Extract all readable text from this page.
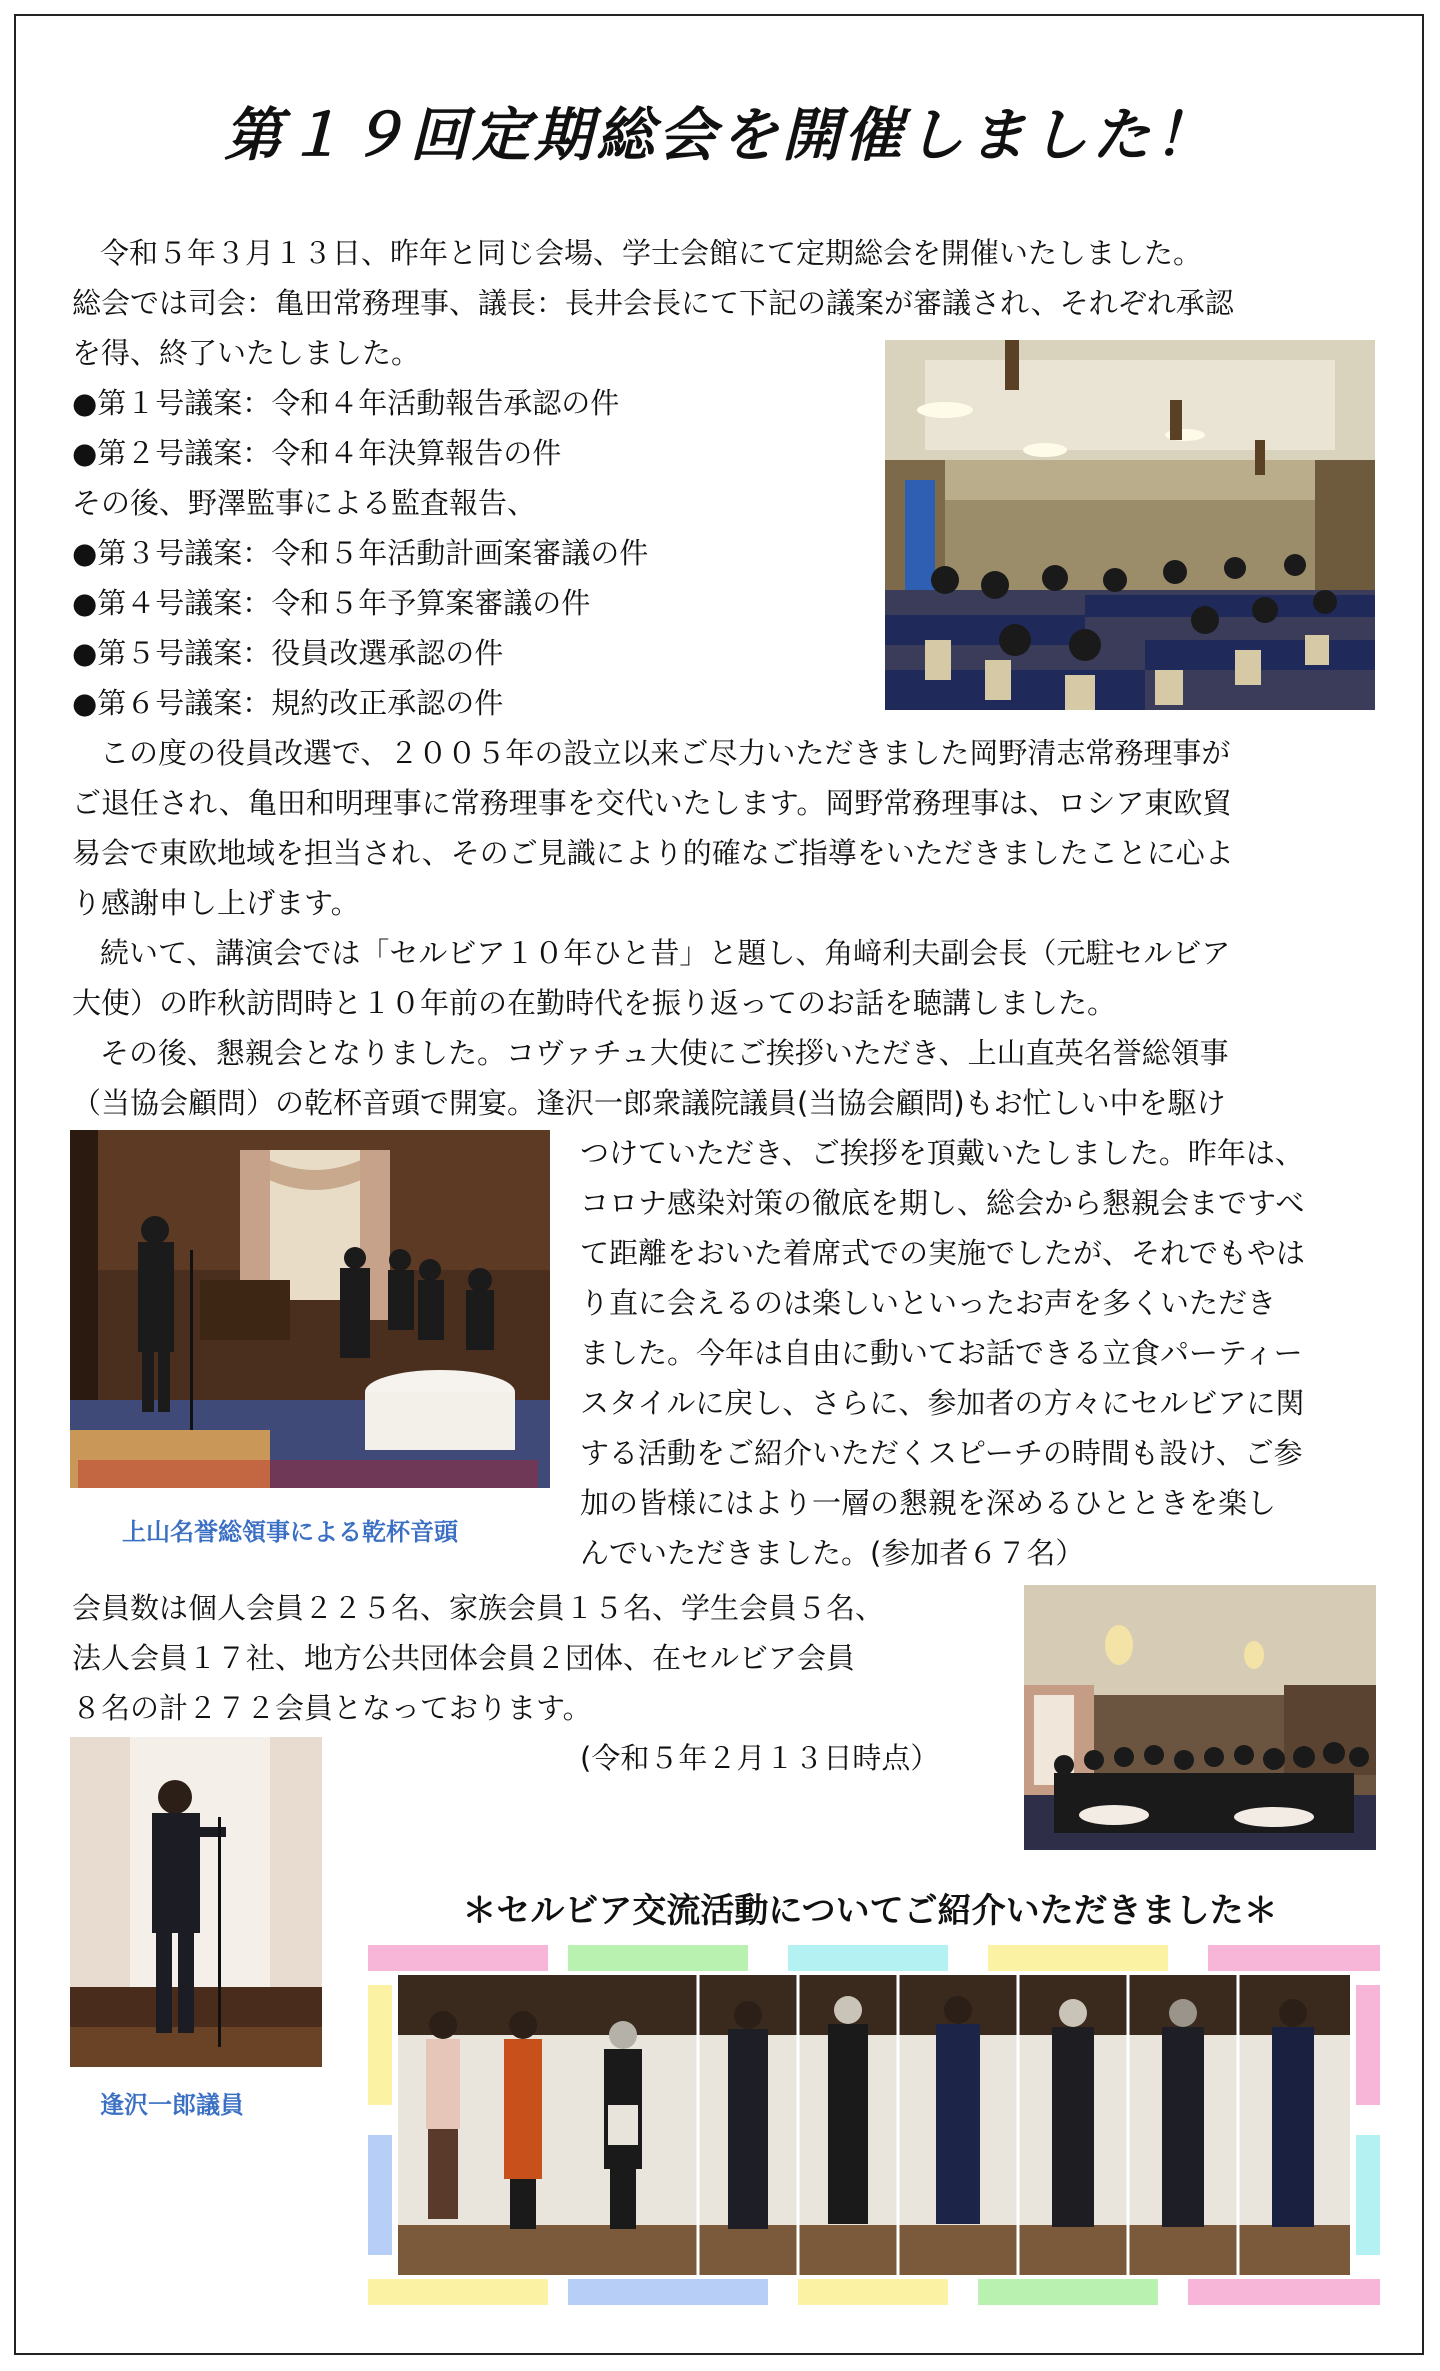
第１９回定期総会を開催しました！
令和５年３月１３日、昨年と同じ会場、学士会館にて定期総会を開催いたしました。
総会では司会：亀田常務理事、議長：長井会長にて下記の議案が審議され、それぞれ承認
を得、終了いたしました。
●第１号議案：令和４年活動報告承認の件
●第２号議案：令和４年決算報告の件
その後、野澤監事による監査報告、
●第３号議案：令和５年活動計画案審議の件
●第４号議案：令和５年予算案審議の件
●第５号議案：役員改選承認の件
●第６号議案：規約改正承認の件
この度の役員改選で、２００５年の設立以来ご尽力いただきました岡野清志常務理事が
ご退任され、亀田和明理事に常務理事を交代いたします。岡野常務理事は、ロシア東欧貿
易会で東欧地域を担当され、そのご見識により的確なご指導をいただきましたことに心よ
り感謝申し上げます。
続いて、講演会では「セルビア１０年ひと昔」と題し、角﨑利夫副会長（元駐セルビア
大使）の昨秋訪問時と１０年前の在勤時代を振り返ってのお話を聴講しました。
その後、懇親会となりました。コヴァチュ大使にご挨拶いただき、上山直英名誉総領事
（当協会顧問）の乾杯音頭で開宴。逢沢一郎衆議院議員(当協会顧問)もお忙しい中を駆け
上山名誉総領事による乾杯音頭
つけていただき、ご挨拶を頂戴いたしました。昨年は、
コロナ感染対策の徹底を期し、総会から懇親会まですべ
て距離をおいた着席式での実施でしたが、それでもやは
り直に会えるのは楽しいといったお声を多くいただき
ました。今年は自由に動いてお話できる立食パーティー
スタイルに戻し、さらに、参加者の方々にセルビアに関
する活動をご紹介いただくスピーチの時間も設け、ご参
加の皆様にはより一層の懇親を深めるひとときを楽し
んでいただきました。(参加者６７名）
会員数は個人会員２２５名、家族会員１５名、学生会員５名、
法人会員１７社、地方公共団体会員２団体、在セルビア会員
８名の計２７２会員となっております。
(令和５年２月１３日時点）
逢沢一郎議員
＊セルビア交流活動についてご紹介いただきました＊
